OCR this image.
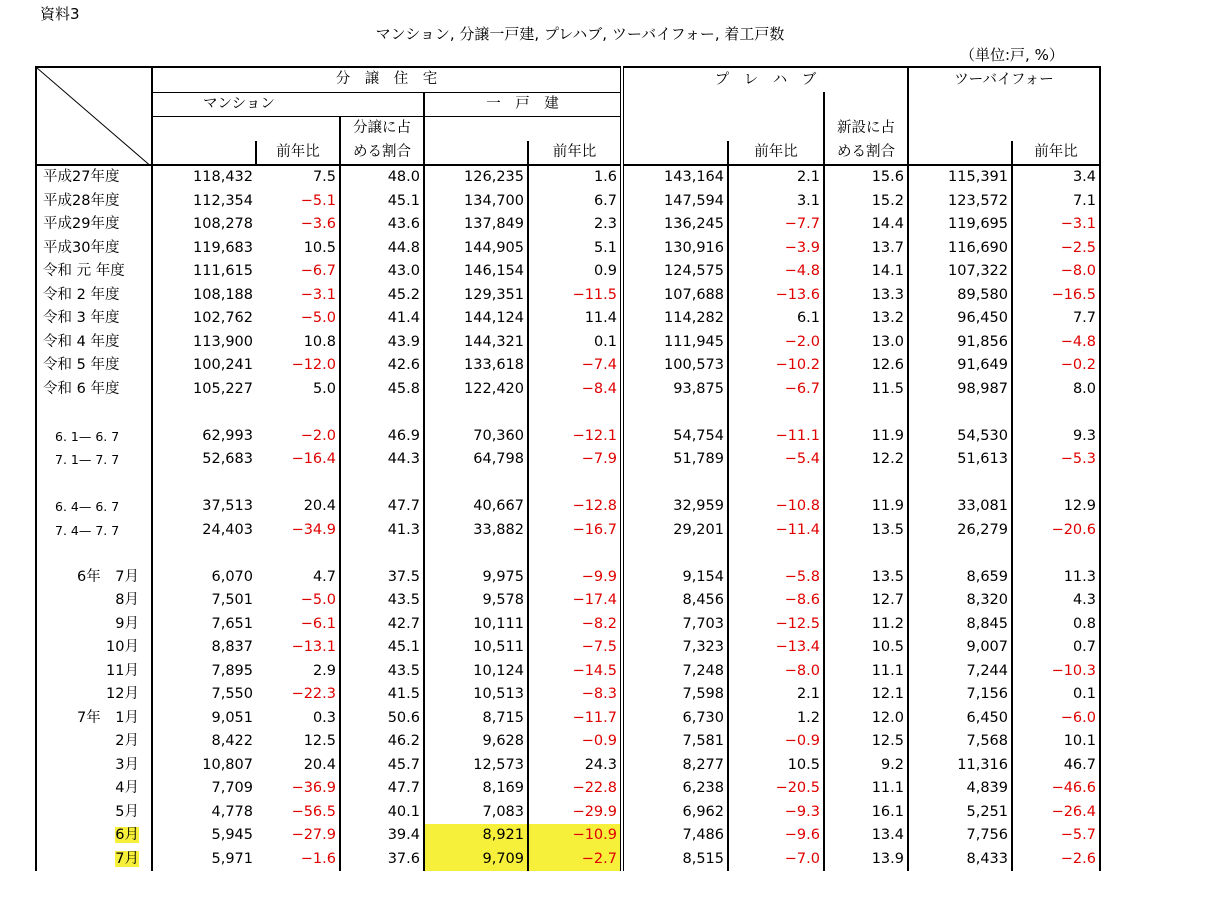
資料3
マンション, 分譲一戸建, プレハブ, ツーバイフォー, 着工戸数
（単位:戸, %）
	分　譲　住　宅					プ　レ　ハ　ブ			ツーバイフォー	
	マンション			一　戸　建						
			分譲に占					新設に占		
		前年比	める割合		前年比		前年比	める割合		前年比
平成27年度	118,432	7.5	48.0	126,235	1.6	143,164	2.1	15.6	115,391	3.4
平成28年度	112,354	−5.1	45.1	134,700	6.7	147,594	3.1	15.2	123,572	7.1
平成29年度	108,278	−3.6	43.6	137,849	2.3	136,245	−7.7	14.4	119,695	−3.1
平成30年度	119,683	10.5	44.8	144,905	5.1	130,916	−3.9	13.7	116,690	−2.5
令和 元 年度	111,615	−6.7	43.0	146,154	0.9	124,575	−4.8	14.1	107,322	−8.0
令和 2 年度	108,188	−3.1	45.2	129,351	−11.5	107,688	−13.6	13.3	89,580	−16.5
令和 3 年度	102,762	−5.0	41.4	144,124	11.4	114,282	6.1	13.2	96,450	7.7
令和 4 年度	113,900	10.8	43.9	144,321	0.1	111,945	−2.0	13.0	91,856	−4.8
令和 5 年度	100,241	−12.0	42.6	133,618	−7.4	100,573	−10.2	12.6	91,649	−0.2
令和 6 年度	105,227	5.0	45.8	122,420	−8.4	93,875	−6.7	11.5	98,987	8.0

6. 1— 6. 7	62,993	−2.0	46.9	70,360	−12.1	54,754	−11.1	11.9	54,530	9.3
7. 1— 7. 7	52,683	−16.4	44.3	64,798	−7.9	51,789	−5.4	12.2	51,613	−5.3

6. 4— 6. 7	37,513	20.4	47.7	40,667	−12.8	32,959	−10.8	11.9	33,081	12.9
7. 4— 7. 7	24,403	−34.9	41.3	33,882	−16.7	29,201	−11.4	13.5	26,279	−20.6

6年　7月	6,070	4.7	37.5	9,975	−9.9	9,154	−5.8	13.5	8,659	11.3
8月	7,501	−5.0	43.5	9,578	−17.4	8,456	−8.6	12.7	8,320	4.3
9月	7,651	−6.1	42.7	10,111	−8.2	7,703	−12.5	11.2	8,845	0.8
10月	8,837	−13.1	45.1	10,511	−7.5	7,323	−13.4	10.5	9,007	0.7
11月	7,895	2.9	43.5	10,124	−14.5	7,248	−8.0	11.1	7,244	−10.3
12月	7,550	−22.3	41.5	10,513	−8.3	7,598	2.1	12.1	7,156	0.1
7年　1月	9,051	0.3	50.6	8,715	−11.7	6,730	1.2	12.0	6,450	−6.0
2月	8,422	12.5	46.2	9,628	−0.9	7,581	−0.9	12.5	7,568	10.1
3月	10,807	20.4	45.7	12,573	24.3	8,277	10.5	9.2	11,316	46.7
4月	7,709	−36.9	47.7	8,169	−22.8	6,238	−20.5	11.1	4,839	−46.6
5月	4,778	−56.5	40.1	7,083	−29.9	6,962	−9.3	16.1	5,251	−26.4
6月	5,945	−27.9	39.4	8,921	−10.9	7,486	−9.6	13.4	7,756	−5.7
7月	5,971	−1.6	37.6	9,709	−2.7	8,515	−7.0	13.9	8,433	−2.6
